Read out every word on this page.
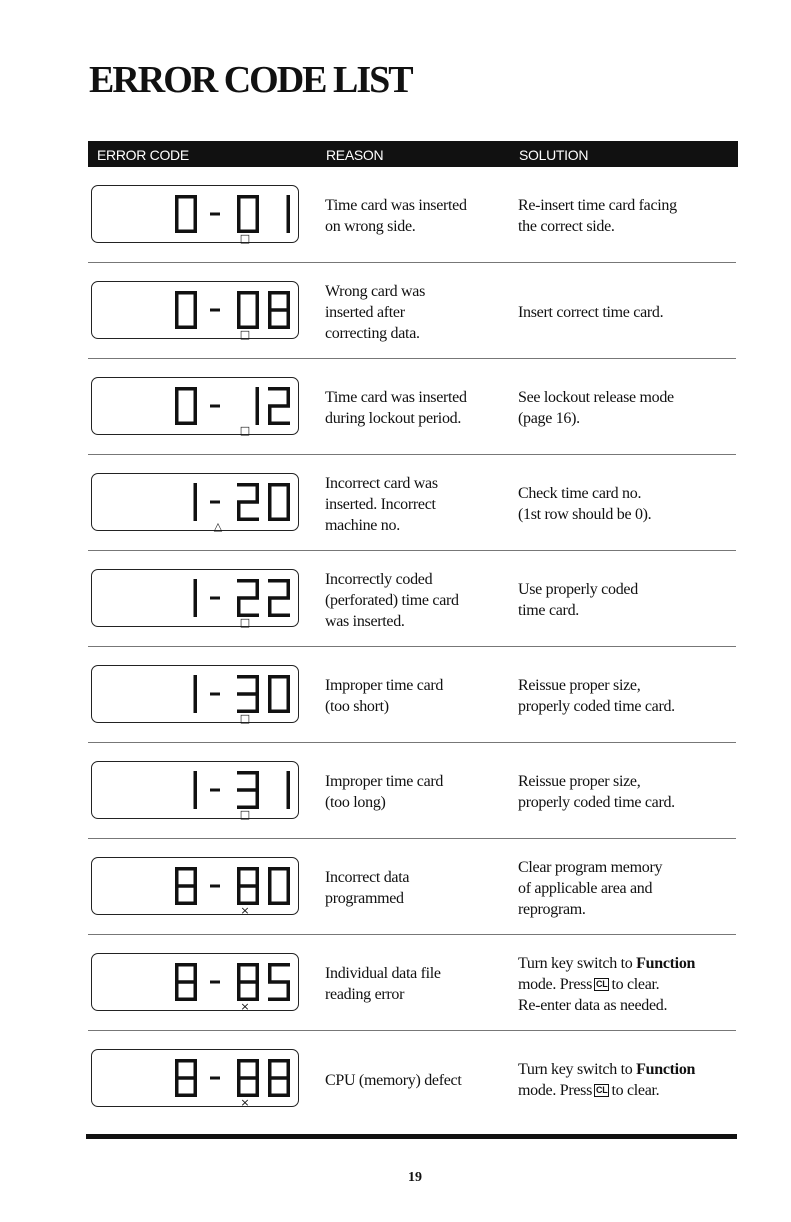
ERROR CODE LIST
ERROR CODE	REASON	SOLUTION
□
Time card was inserted
on wrong side.
Re-insert time card facing
the correct side.
□
Wrong card was
inserted after
correcting data.
Insert correct time card.
□
Time card was inserted
during lockout period.
See lockout release mode
(page 16).
△
Incorrect card was
inserted. Incorrect
machine no.
Check time card no.
(1st row should be 0).
□
Incorrectly coded
(perforated) time card
was inserted.
Use properly coded
time card.
□
Improper time card
(too short)
Reissue proper size,
properly coded time card.
□
Improper time card
(too long)
Reissue proper size,
properly coded time card.
×
Incorrect data
programmed
Clear program memory
of applicable area and
reprogram.
×
Individual data file
reading error
Turn key switch to Function
mode. Press CL to clear.
Re-enter data as needed.
×
CPU (memory) defect
Turn key switch to Function
mode. Press CL to clear.
19
